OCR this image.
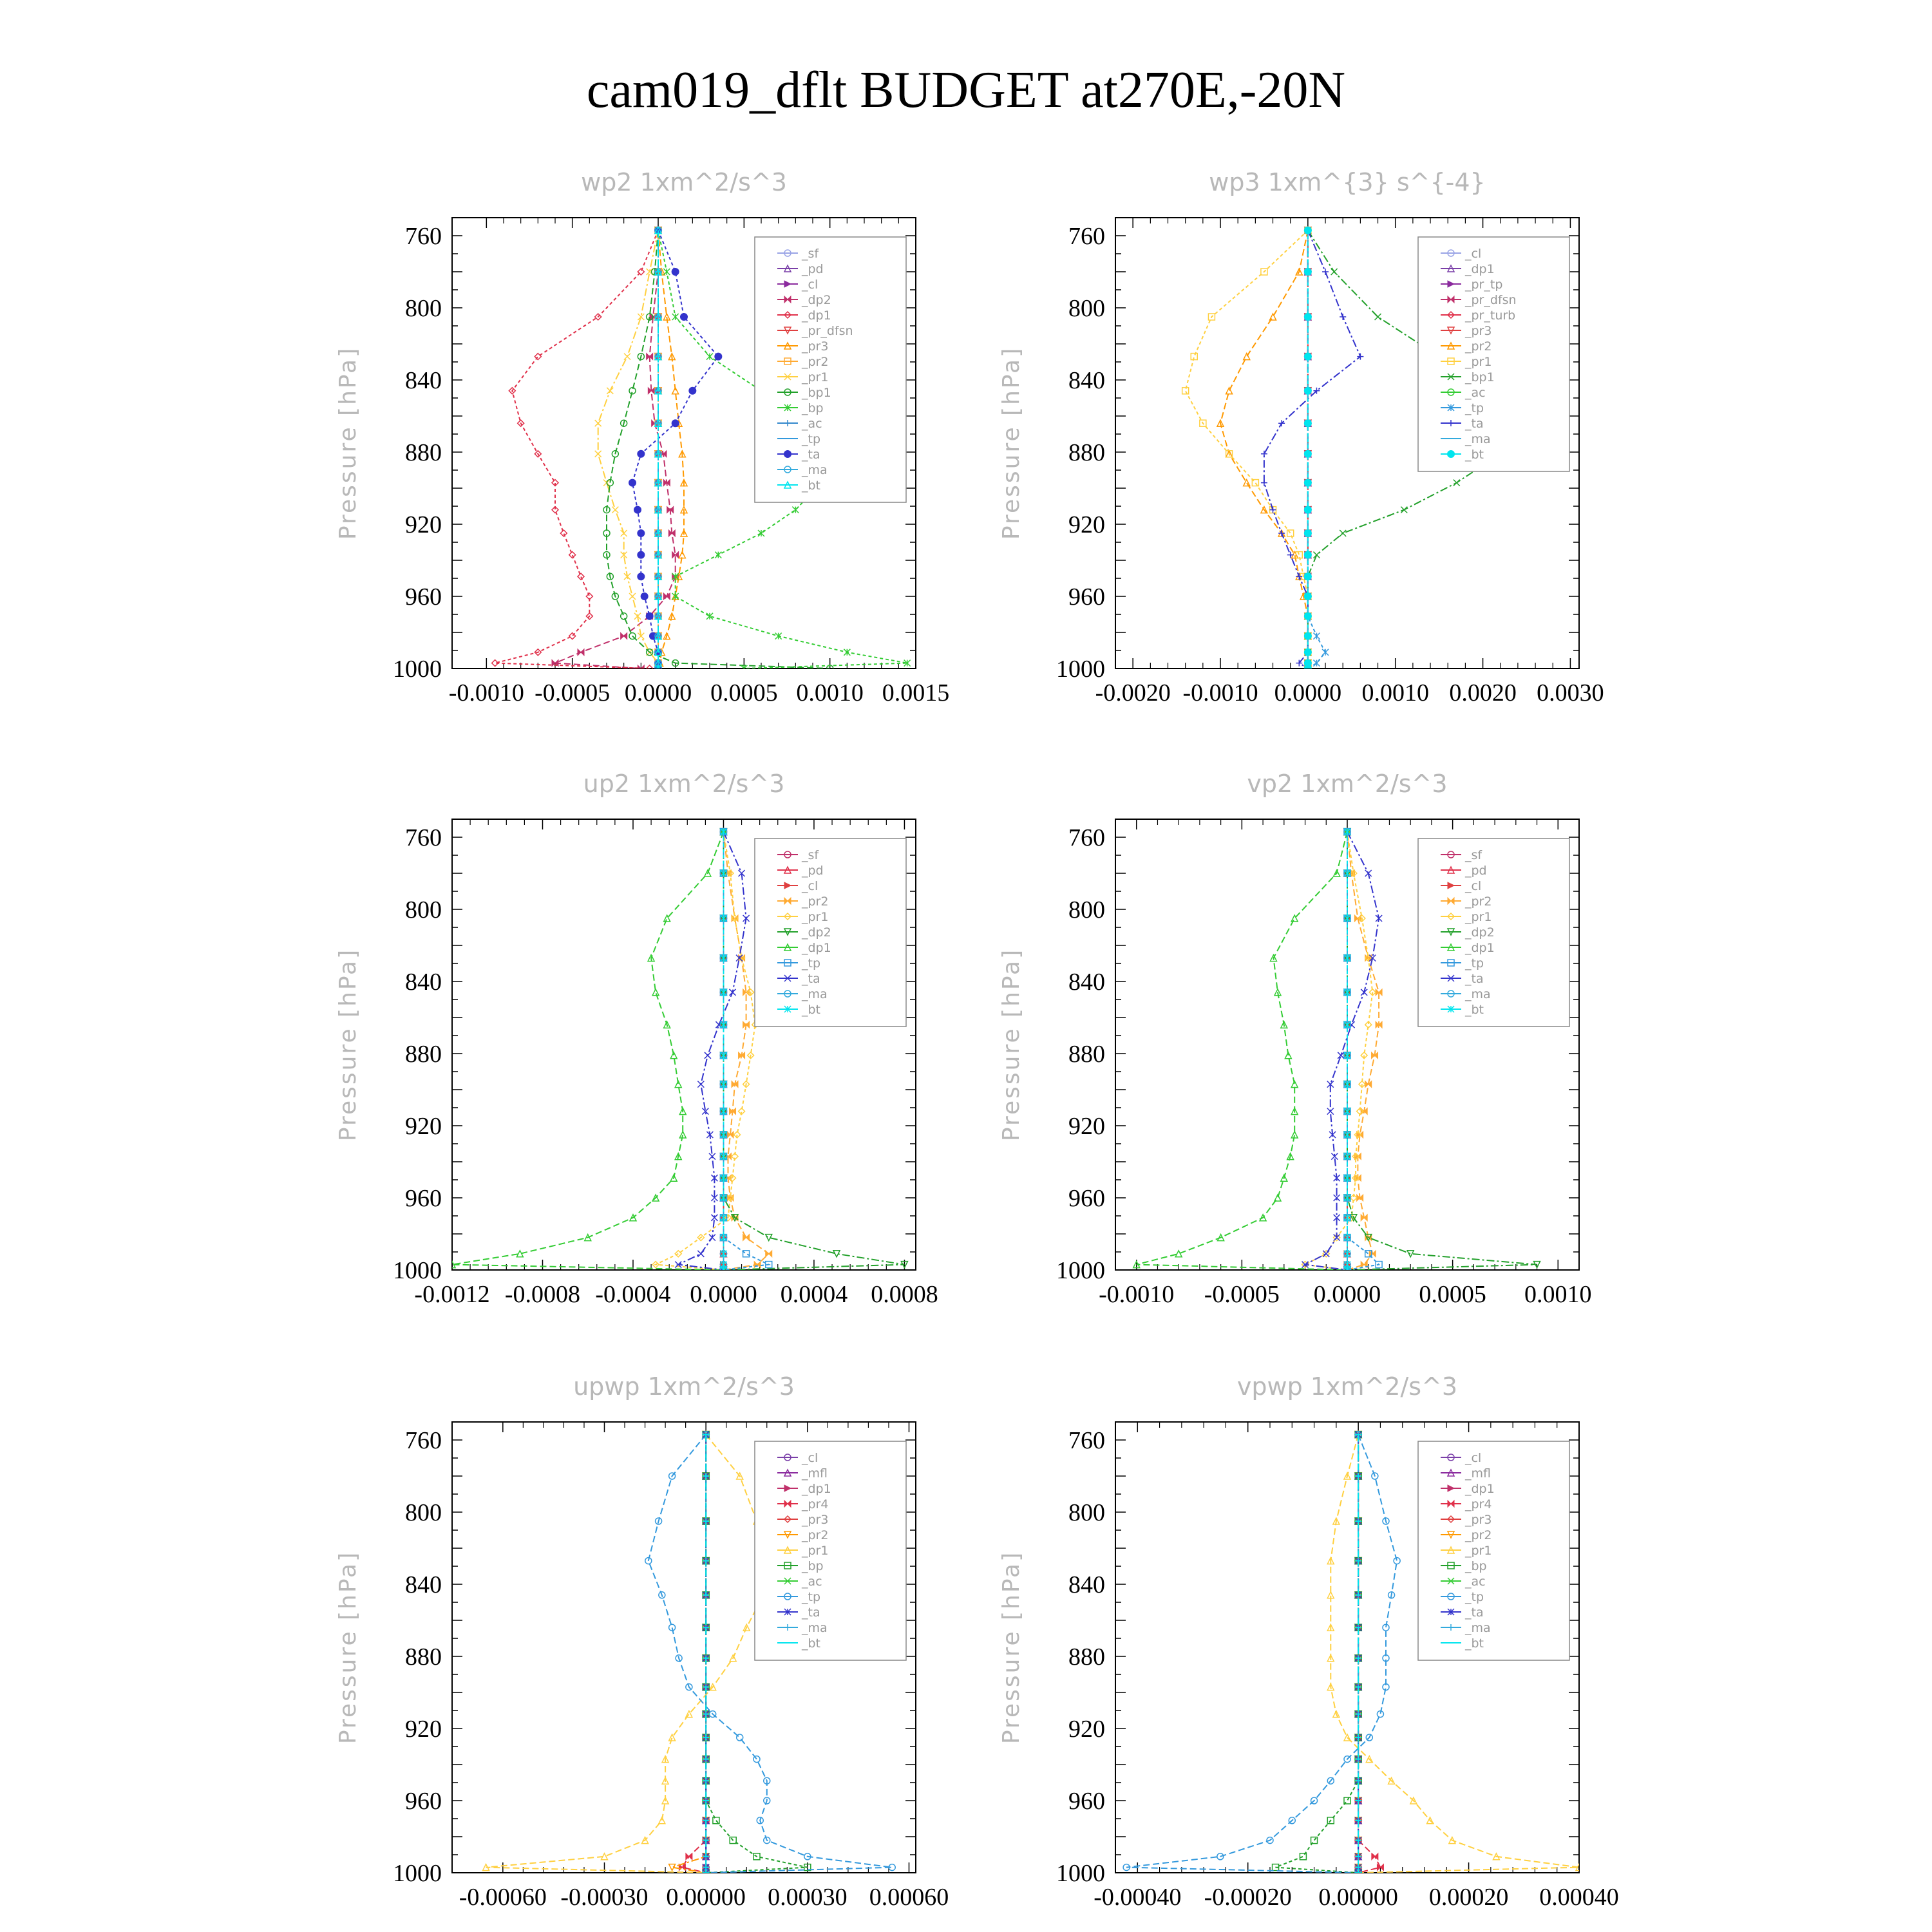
cam019_dflt BUDGET at270E,-20N
wp2 1xm^2/s^3
Pressure [hPa]
760
800
840
880
920
960
1000
-0.0010 -0.0005 0.0000 0.0005 0.0010 0.0015
_sf
_pd
_cl
_dp2
_dp1
_pr_dfsn
_pr3
_pr2
_pr1
_bp1
_bp
_ac
_tp
_ta
_ma
_bt
wp3 1xm^{3} s^{-4}
Pressure [hPa]
760
800
840
880
920
960
1000
-0.0020 -0.0010 0.0000 0.0010 0.0020 0.0030
_cl
_dp1
_pr_tp
_pr_dfsn
_pr_turb
_pr3
_pr2
_pr1
_bp1
_ac
_tp
_ta
_ma
_bt
up2 1xm^2/s^3
Pressure [hPa]
760
800
840
880
920
960
1000
-0.0012 -0.0008 -0.0004 0.0000 0.0004 0.0008
_sf
_pd
_cl
_pr2
_pr1
_dp2
_dp1
_tp
_ta
_ma
_bt
vp2 1xm^2/s^3
Pressure [hPa]
760
800
840
880
920
960
1000
-0.0010 -0.0005 0.0000 0.0005 0.0010
_sf
_pd
_cl
_pr2
_pr1
_dp2
_dp1
_tp
_ta
_ma
_bt
upwp 1xm^2/s^3
Pressure [hPa]
760
800
840
880
920
960
1000
-0.00060 -0.00030 0.00000 0.00030 0.00060
_cl
_mfl
_dp1
_pr4
_pr3
_pr2
_pr1
_bp
_ac
_tp
_ta
_ma
_bt
vpwp 1xm^2/s^3
Pressure [hPa]
760
800
840
880
920
960
1000
-0.00040 -0.00020 0.00000 0.00020 0.00040
_cl
_mfl
_dp1
_pr4
_pr3
_pr2
_pr1
_bp
_ac
_tp
_ta
_ma
_bt
